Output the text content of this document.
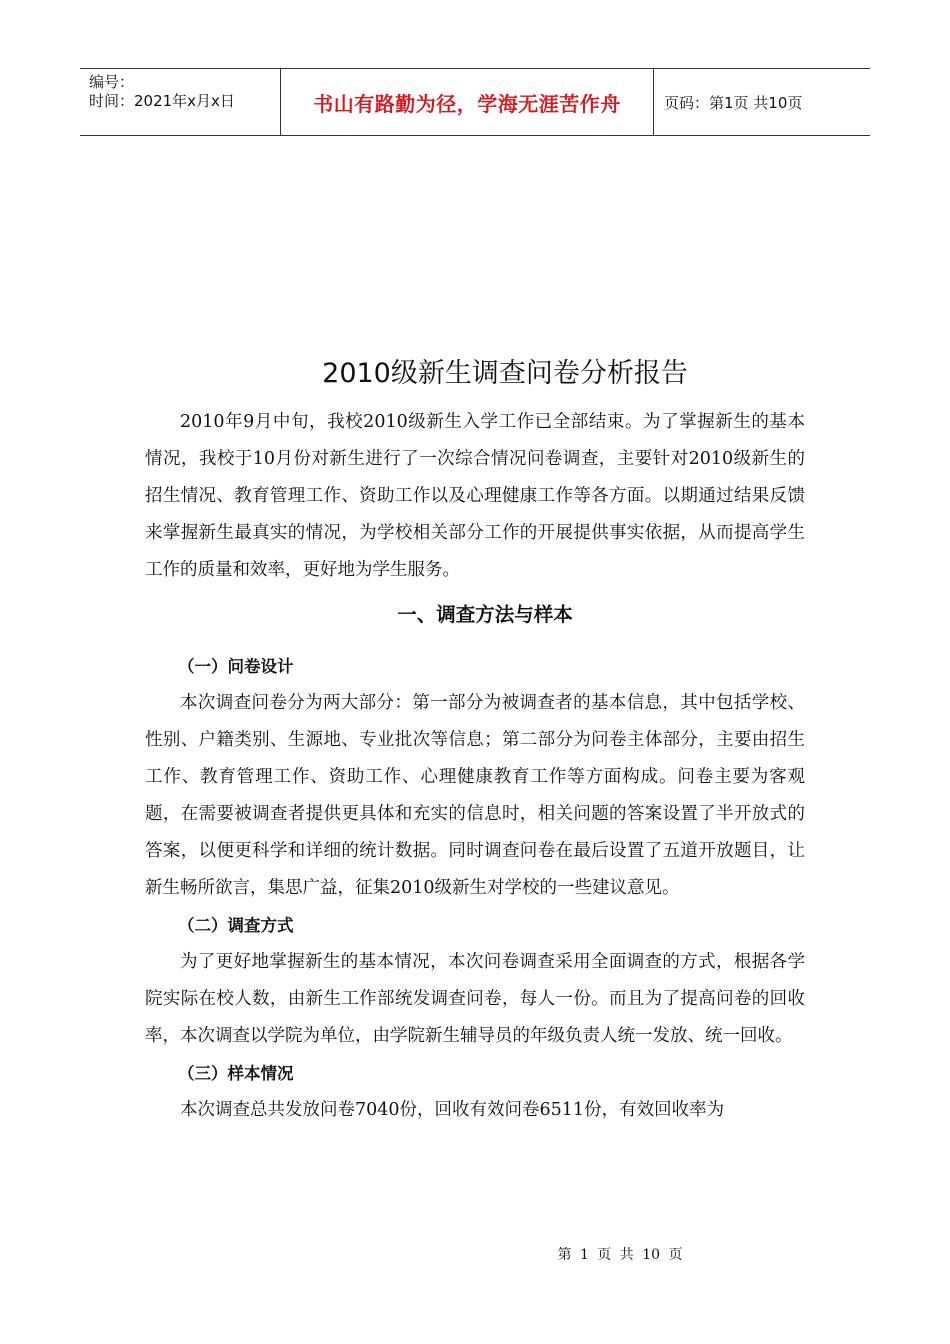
编号：
时间：2021年x月x日	书山有路勤为径，学海无涯苦作舟	页码：第1页 共10页
2010级新生调查问卷分析报告

2010年9月中旬，我校2010级新生入学工作已全部结束。为了掌握新生的基本情况，我校于10月份对新生进行了一次综合情况问卷调查，主要针对2010级新生的招生情况、教育管理工作、资助工作以及心理健康工作等各方面。以期通过结果反馈来掌握新生最真实的情况，为学校相关部分工作的开展提供事实依据，从而提高学生工作的质量和效率，更好地为学生服务。

一、调查方法与样本

（一）问卷设计

本次调查问卷分为两大部分：第一部分为被调查者的基本信息，其中包括学校、性别、户籍类别、生源地、专业批次等信息；第二部分为问卷主体部分，主要由招生工作、教育管理工作、资助工作、心理健康教育工作等方面构成。问卷主要为客观题，在需要被调查者提供更具体和充实的信息时，相关问题的答案设置了半开放式的答案，以便更科学和详细的统计数据。同时调查问卷在最后设置了五道开放题目，让新生畅所欲言，集思广益，征集2010级新生对学校的一些建议意见。

（二）调查方式

为了更好地掌握新生的基本情况，本次问卷调查采用全面调查的方式，根据各学院实际在校人数，由新生工作部统发调查问卷，每人一份。而且为了提高问卷的回收率，本次调查以学院为单位，由学院新生辅导员的年级负责人统一发放、统一回收。

（三）样本情况

本次调查总共发放问卷7040份，回收有效问卷6511份，有效回收率为

第 1 页 共 10 页
